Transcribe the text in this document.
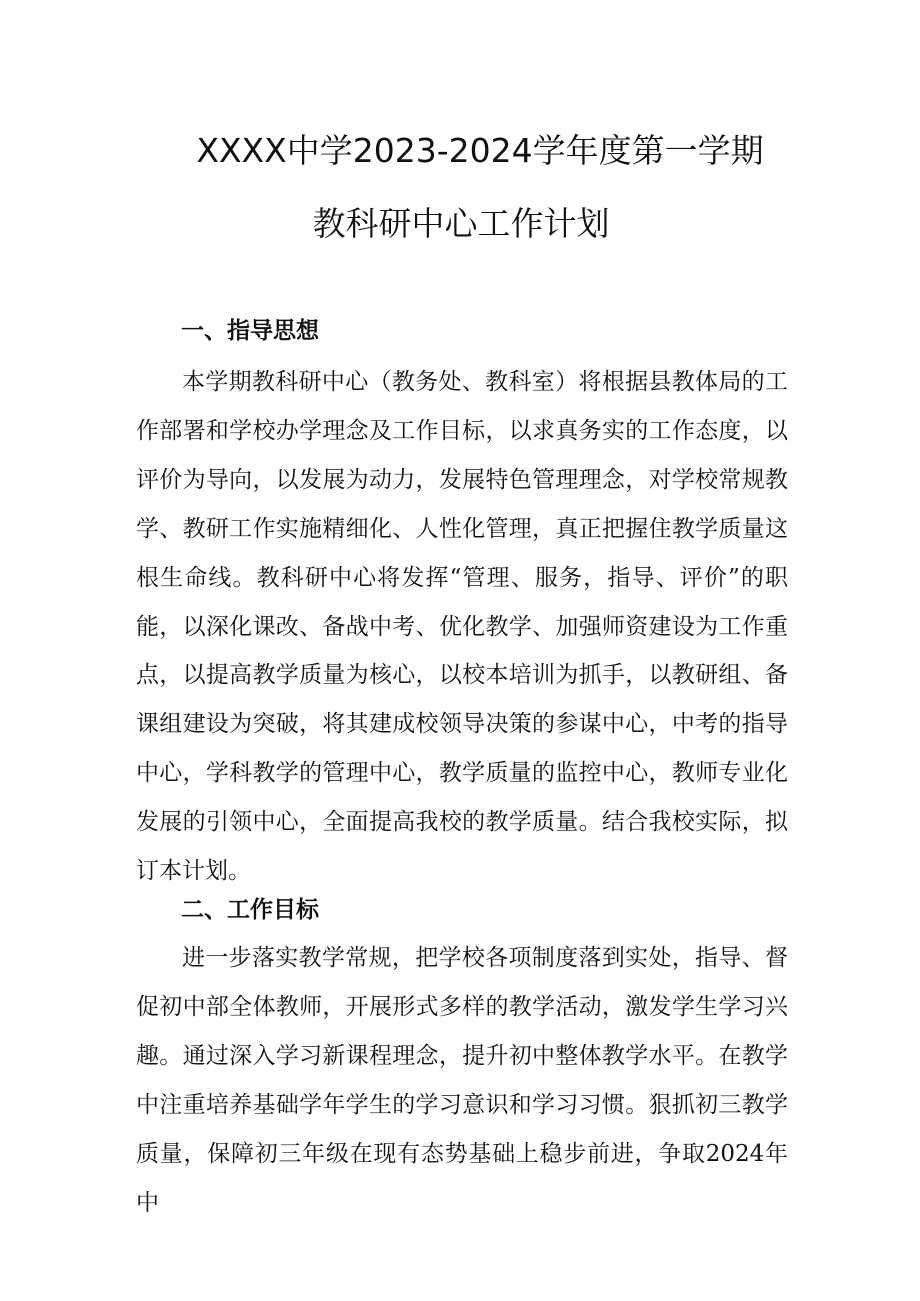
XXXX中学2023-2024学年度第一学期
教科研中心工作计划
一、指导思想

本学期教科研中心（教务处、教科室）将根据县教体局的工作部署和学校办学理念及工作目标，以求真务实的工作态度，以评价为导向，以发展为动力，发展特色管理理念，对学校常规教学、教研工作实施精细化、人性化管理，真正把握住教学质量这根生命线。教科研中心将发挥“管理、服务，指导、评价”的职能，以深化课改、备战中考、优化教学、加强师资建设为工作重点，以提高教学质量为核心，以校本培训为抓手，以教研组、备课组建设为突破，将其建成校领导决策的参谋中心，中考的指导中心，学科教学的管理中心，教学质量的监控中心，教师专业化发展的引领中心，全面提高我校的教学质量。结合我校实际，拟订本计划。

二、工作目标

进一步落实教学常规，把学校各项制度落到实处，指导、督促初中部全体教师，开展形式多样的教学活动，激发学生学习兴趣。通过深入学习新课程理念，提升初中整体教学水平。在教学中注重培养基础学年学生的学习意识和学习习惯。狠抓初三教学质量，保障初三年级在现有态势基础上稳步前进，争取2024年中
